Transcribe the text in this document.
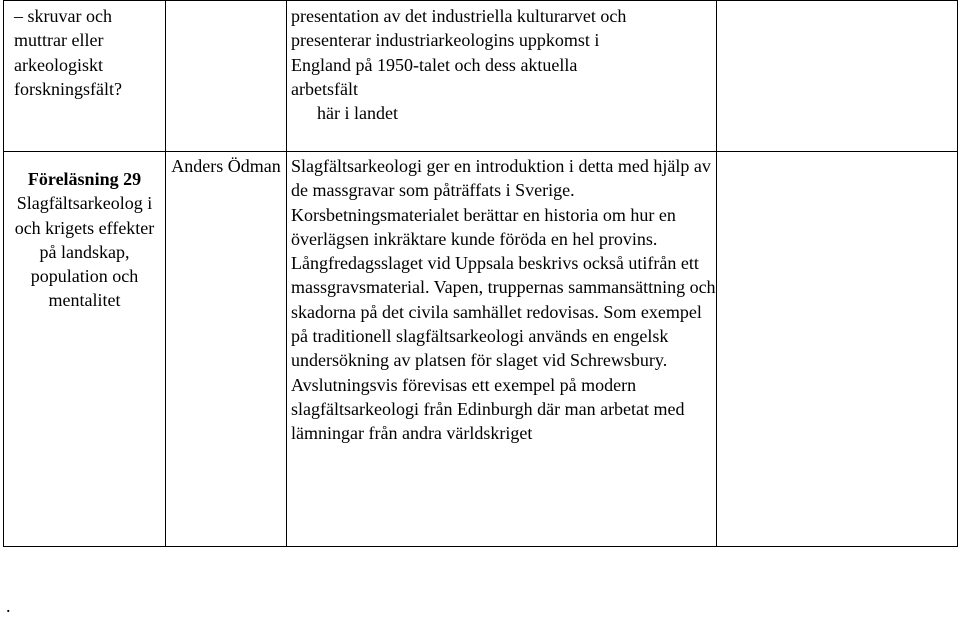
– skruvar och muttrar eller arkeologiskt forskningsfält?		presentation av det industriella kulturarvet och
presenterar industriarkeologins uppkomst i
England på 1950-talet och dess aktuella
arbetsfält
här i landet	

Föreläsning 29
Slagfältsarkeolog i och krigets effekter på landskap, population och mentalitet	Anders Ödman	Slagfältsarkeologi ger en introduktion i detta med hjälp av de massgravar som påträffats i Sverige. Korsbetningsmaterialet berättar en historia om hur en överlägsen inkräktare kunde föröda en hel provins. Långfredagsslaget vid Uppsala beskrivs också utifrån ett massgravsmaterial. Vapen, truppernas sammansättning och skadorna på det civila samhället redovisas. Som exempel på traditionell slagfältsarkeologi används en engelsk undersökning av platsen för slaget vid Schrewsbury. Avslutningsvis förevisas ett exempel på modern slagfältsarkeologi från Edinburgh där man arbetat med lämningar från andra världskriget	

.
